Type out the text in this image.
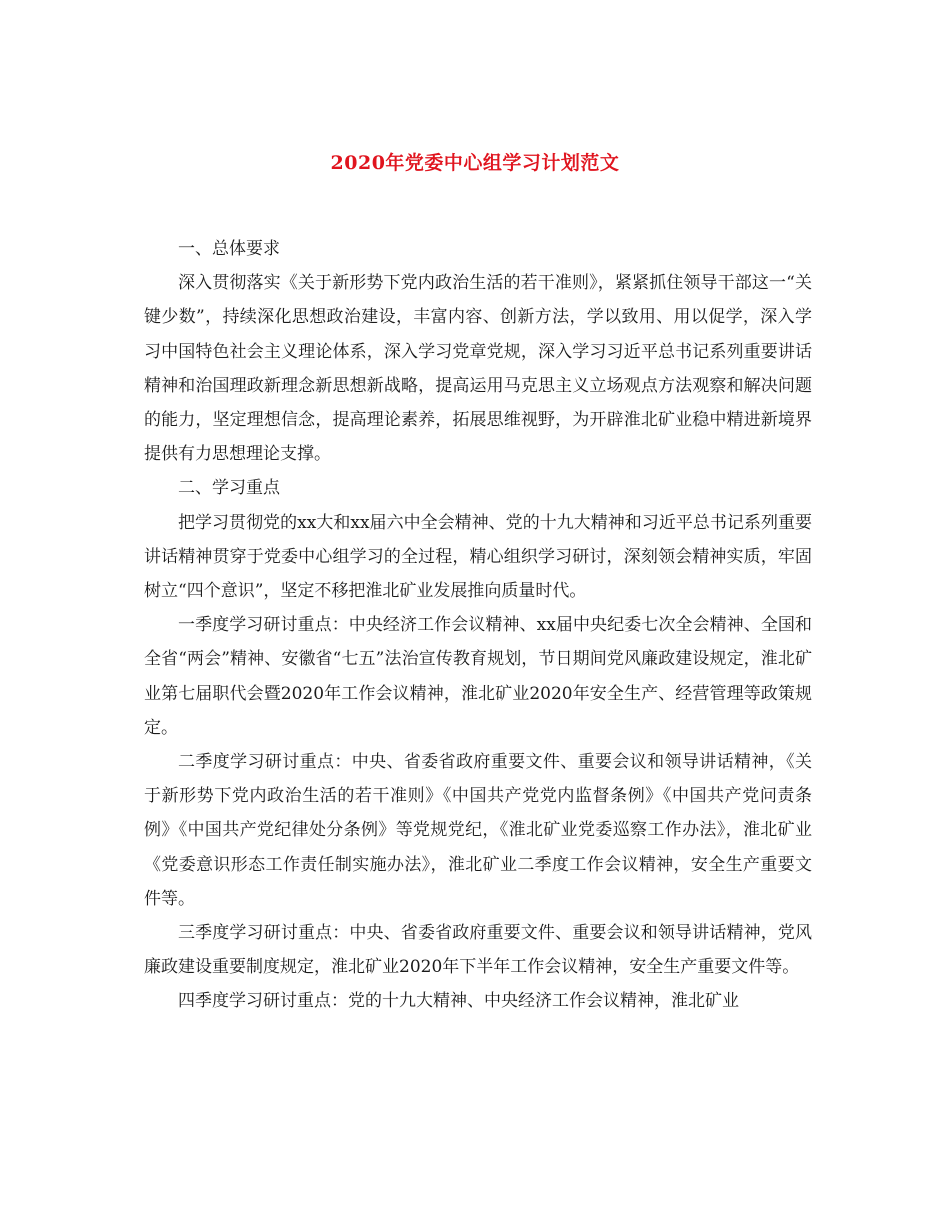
2020年党委中心组学习计划范文

一、总体要求

深入贯彻落实《关于新形势下党内政治生活的若干准则》，紧紧抓住领导干部这一“关键少数”，持续深化思想政治建设，丰富内容、创新方法，学以致用、用以促学，深入学习中国特色社会主义理论体系，深入学习党章党规，深入学习习近平总书记系列重要讲话精神和治国理政新理念新思想新战略，提高运用马克思主义立场观点方法观察和解决问题的能力，坚定理想信念，提高理论素养，拓展思维视野，为开辟淮北矿业稳中精进新境界提供有力思想理论支撑。

二、学习重点

把学习贯彻党的xx大和xx届六中全会精神、党的十九大精神和习近平总书记系列重要讲话精神贯穿于党委中心组学习的全过程，精心组织学习研讨，深刻领会精神实质，牢固树立“四个意识”，坚定不移把淮北矿业发展推向质量时代。

一季度学习研讨重点：中央经济工作会议精神、xx届中央纪委七次全会精神、全国和全省“两会”精神、安徽省“七五”法治宣传教育规划，节日期间党风廉政建设规定，淮北矿业第七届职代会暨2020年工作会议精神，淮北矿业2020年安全生产、经营管理等政策规定。

二季度学习研讨重点：中央、省委省政府重要文件、重要会议和领导讲话精神，《关于新形势下党内政治生活的若干准则》《中国共产党党内监督条例》《中国共产党问责条例》《中国共产党纪律处分条例》等党规党纪，《淮北矿业党委巡察工作办法》，淮北矿业《党委意识形态工作责任制实施办法》，淮北矿业二季度工作会议精神，安全生产重要文件等。

三季度学习研讨重点：中央、省委省政府重要文件、重要会议和领导讲话精神，党风廉政建设重要制度规定，淮北矿业2020年下半年工作会议精神，安全生产重要文件等。

四季度学习研讨重点：党的十九大精神、中央经济工作会议精神，淮北矿业
